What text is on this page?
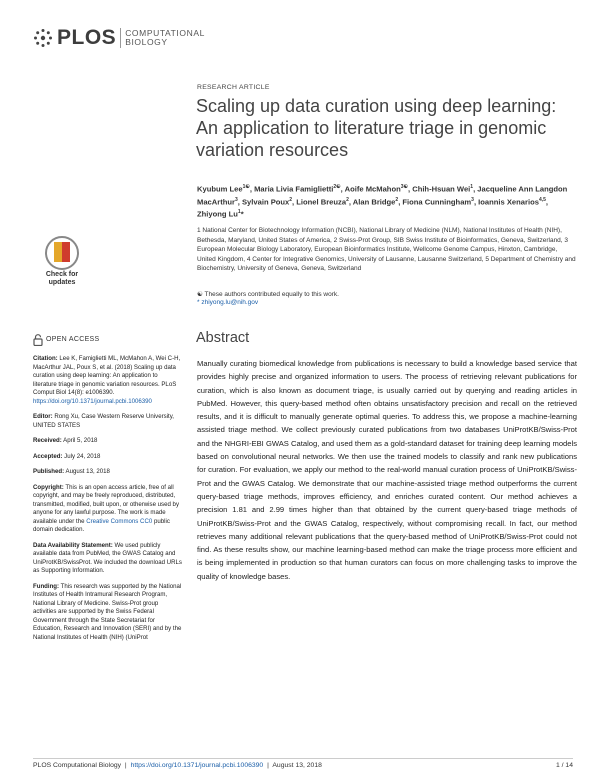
PLOS COMPUTATIONAL
BIOLOGY
RESEARCH ARTICLE
Scaling up data curation using deep learning: An application to literature triage in genomic variation resources
Kyubum Lee$^{1☯}$, Maria Livia Famiglietti$^{2☯}$, Aoife McMahon$^{3☯}$, Chih-Hsuan Wei$^1$, Jacqueline Ann Langdon MacArthur$^3$, Sylvain Poux$^2$, Lionel Breuza$^2$, Alan Bridge$^2$, Fiona Cunningham$^3$, Ioannis Xenarios$^{4,5}$, Zhiyong Lu$^1$*
1 National Center for Biotechnology Information (NCBI), National Library of Medicine (NLM), National Institutes of Health (NIH), Bethesda, Maryland, United States of America, 2 Swiss-Prot Group, SIB Swiss Institute of Bioinformatics, Geneva, Switzerland, 3 European Molecular Biology Laboratory, European Bioinformatics Institute, Wellcome Genome Campus, Hinxton, Cambridge, United Kingdom, 4 Center for Integrative Genomics, University of Lausanne, Lausanne Switzerland, 5 Department of Chemistry and Biochemistry, University of Geneva, Geneva, Switzerland
☯ These authors contributed equally to this work.
* zhiyong.lu@nih.gov
Abstract

Manually curating biomedical knowledge from publications is necessary to build a knowledge based service that provides highly precise and organized information to users. The process of retrieving relevant publications for curation, which is also known as document triage, is usually carried out by querying and reading articles in PubMed. However, this query-based method often obtains unsatisfactory precision and recall on the retrieved results, and it is difficult to manually generate optimal queries. To address this, we propose a machine-learning assisted triage method. We collect previously curated publications from two databases UniProtKB/Swiss-Prot and the NHGRI-EBI GWAS Catalog, and used them as a gold-standard dataset for training deep learning models based on convolutional neural networks. We then use the trained models to classify and rank new publications for curation. For evaluation, we apply our method to the real-world manual curation process of UniProtKB/Swiss-Prot and the GWAS Catalog. We demonstrate that our machine-assisted triage method outperforms the current query-based triage methods, improves efficiency, and enriches curated content. Our method achieves a precision 1.81 and 2.99 times higher than that obtained by the current query-based triage methods of UniProtKB/Swiss-Prot and the GWAS Catalog, respectively, without compromising recall. In fact, our method retrieves many additional relevant publications that the query-based method of UniProtKB/Swiss-Prot could not find. As these results show, our machine learning-based method can make the triage process more efficient and is being implemented in production so that human curators can focus on more challenging tasks to improve the quality of knowledge bases.

Check for
updates
OPEN ACCESS
Citation: Lee K, Famiglietti ML, McMahon A, Wei C-H, MacArthur JAL, Poux S, et al. (2018) Scaling up data curation using deep learning: An application to literature triage in genomic variation resources. PLoS Comput Biol 14(8): e1006390. https://doi.org/10.1371/journal.pcbi.1006390
Editor: Rong Xu, Case Western Reserve University, UNITED STATES
Received: April 5, 2018
Accepted: July 24, 2018
Published: August 13, 2018
Copyright: This is an open access article, free of all copyright, and may be freely reproduced, distributed, transmitted, modified, built upon, or otherwise used by anyone for any lawful purpose. The work is made available under the Creative Commons CC0 public domain dedication.
Data Availability Statement: We used publicly available data from PubMed, the GWAS Catalog and UniProtKB/SwissProt. We included the download URLs as Supporting Information.
Funding: This research was supported by the National Institutes of Health Intramural Research Program, National Library of Medicine. Swiss-Prot group activities are supported by the Swiss Federal Government through the State Secretariat for Education, Research and Innovation (SERI) and by the National Institutes of Health (NIH) (UniProt
PLOS Computational Biology | https://doi.org/10.1371/journal.pcbi.1006390 | August 13, 2018	1 / 14
